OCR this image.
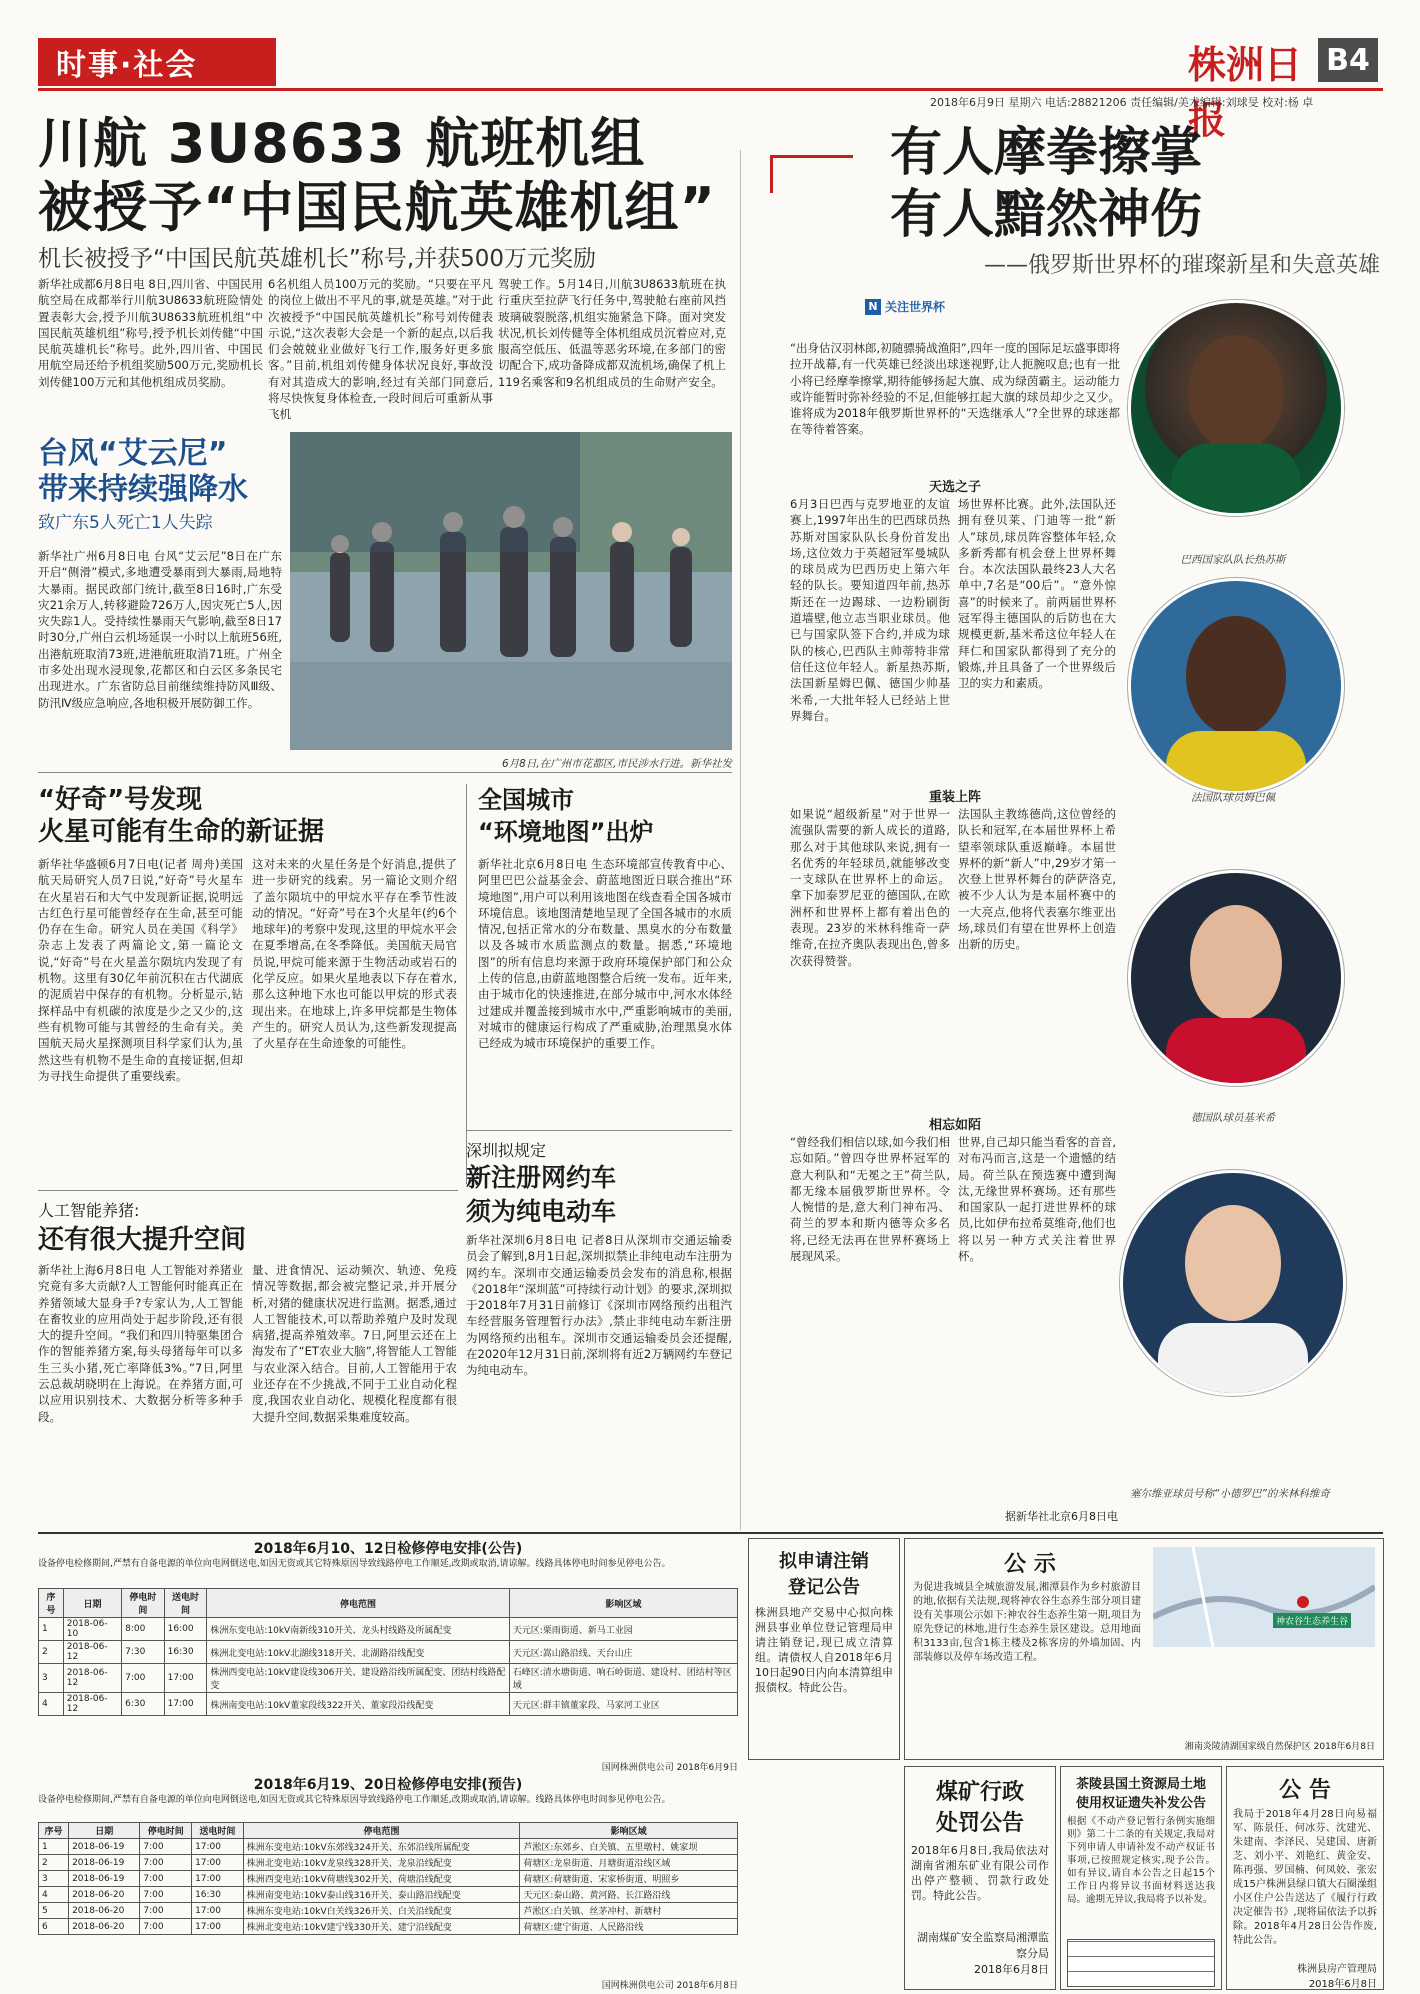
时事·社会	株洲日报
B4
2018年6月9日 星期六 电话:28821206 责任编辑/美术编辑:刘球旻 校对:杨 卓
川航 3U8633 航班机组
被授予“中国民航英雄机组”
机长被授予“中国民航英雄机长”称号,并获500万元奖励
新华社成都6月8日电 8日,四川省、中国民用航空局在成都举行川航3U8633航班险情处置表彰大会,授予川航3U8633航班机组“中国民航英雄机组”称号,授予机长刘传健“中国民航英雄机长”称号。此外,四川省、中国民用航空局还给予机组奖励500万元,奖励机长刘传健100万元和其他机组成员奖励。
6名机组人员100万元的奖励。“只要在平凡的岗位上做出不平凡的事,就是英雄。”对于此次被授予“中国民航英雄机长”称号刘传健表示说,“这次表彰大会是一个新的起点,以后我们会兢兢业业做好飞行工作,服务好更多旅客。”目前,机组刘传健身体状况良好,事故没有对其造成大的影响,经过有关部门同意后,将尽快恢复身体检查,一段时间后可重新从事飞机
驾驶工作。5月14日,川航3U8633航班在执行重庆至拉萨飞行任务中,驾驶舱右座前风挡玻璃破裂脱落,机组实施紧急下降。面对突发状况,机长刘传健等全体机组成员沉着应对,克服高空低压、低温等恶劣环境,在多部门的密切配合下,成功备降成都双流机场,确保了机上119名乘客和9名机组成员的生命财产安全。
台风“艾云尼”
带来持续强降水
致广东5人死亡1人失踪
新华社广州6月8日电 台风“艾云尼”8日在广东开启“侧滑”模式,多地遭受暴雨到大暴雨,局地特大暴雨。据民政部门统计,截至8日16时,广东受灾21余万人,转移避险726万人,因灾死亡5人,因灾失踪1人。受持续性暴雨天气影响,截至8日17时30分,广州白云机场延误一小时以上航班56班,出港航班取消73班,进港航班取消71班。广州全市多处出现水浸现象,花都区和白云区多条民宅出现进水。广东省防总目前继续维持防风Ⅲ级、防汛Ⅳ级应急响应,各地积极开展防御工作。
6月8日,在广州市花都区,市民涉水行进。新华社发
“好奇”号发现
火星可能有生命的新证据
新华社华盛顿6月7日电(记者 周舟)美国航天局研究人员7日说,“好奇”号火星车在火星岩石和大气中发现新证据,说明远古红色行星可能曾经存在生命,甚至可能仍存在生命。研究人员在美国《科学》杂志上发表了两篇论文,第一篇论文说,“好奇”号在火星盖尔陨坑内发现了有机物。这里有30亿年前沉积在古代湖底的泥质岩中保存的有机物。分析显示,钻探样品中有机碳的浓度是少之又少的,这些有机物可能与其曾经的生命有关。美国航天局火星探测项目科学家们认为,虽然这些有机物不是生命的直接证据,但却为寻找生命提供了重要线索。
这对未来的火星任务是个好消息,提供了进一步研究的线索。另一篇论文则介绍了盖尔陨坑中的甲烷水平存在季节性波动的情况。“好奇”号在3个火星年(约6个地球年)的考察中发现,这里的甲烷水平会在夏季增高,在冬季降低。美国航天局官员说,甲烷可能来源于生物活动或岩石的化学反应。如果火星地表以下存在着水,那么这种地下水也可能以甲烷的形式表现出来。在地球上,许多甲烷都是生物体产生的。研究人员认为,这些新发现提高了火星存在生命迹象的可能性。
全国城市
“环境地图”出炉
新华社北京6月8日电 生态环境部宣传教育中心、阿里巴巴公益基金会、蔚蓝地图近日联合推出“环境地图”,用户可以利用该地图在线查看全国各城市环境信息。该地图清楚地呈现了全国各城市的水质情况,包括正常水的分布数量、黑臭水的分布数量以及各城市水质监测点的数量。据悉,“环境地图”的所有信息均来源于政府环境保护部门和公众上传的信息,由蔚蓝地图整合后统一发布。近年来,由于城市化的快速推进,在部分城市中,河水水体经过建成并覆盖接到城市水中,严重影响城市的美丽,对城市的健康运行构成了严重威胁,治理黑臭水体已经成为城市环境保护的重要工作。
人工智能养猪:
还有很大提升空间
新华社上海6月8日电 人工智能对养猪业究竟有多大贡献?人工智能何时能真正在养猪领域大显身手?专家认为,人工智能在畜牧业的应用尚处于起步阶段,还有很大的提升空间。“我们和四川特驱集团合作的智能养猪方案,每头母猪每年可以多生三头小猪,死亡率降低3%。”7日,阿里云总裁胡晓明在上海说。在养猪方面,可以应用识别技术、大数据分析等多种手段。
量、进食情况、运动频次、轨迹、免疫情况等数据,都会被完整记录,并开展分析,对猪的健康状况进行监测。据悉,通过人工智能技术,可以帮助养殖户及时发现病猪,提高养殖效率。7日,阿里云还在上海发布了“ET农业大脑”,将智能人工智能与农业深入结合。目前,人工智能用于农业还存在不少挑战,不同于工业自动化程度,我国农业自动化、规模化程度都有很大提升空间,数据采集难度较高。
深圳拟规定
新注册网约车
须为纯电动车
新华社深圳6月8日电 记者8日从深圳市交通运输委员会了解到,8月1日起,深圳拟禁止非纯电动车注册为网约车。深圳市交通运输委员会发布的消息称,根据《2018年“深圳蓝”可持续行动计划》的要求,深圳拟于2018年7月31日前修订《深圳市网络预约出租汽车经营服务管理暂行办法》,禁止非纯电动车新注册为网络预约出租车。深圳市交通运输委员会还提醒,在2020年12月31日前,深圳将有近2万辆网约车登记为纯电动车。
有人摩拳擦掌
有人黯然神伤
——俄罗斯世界杯的璀璨新星和失意英雄
N 关注世界杯
“出身估汉羽林郎,初随骠骑战渔阳”,四年一度的国际足坛盛事即将拉开战幕,有一代英雄已经淡出球迷视野,让人扼腕叹息;也有一批小将已经摩拳擦掌,期待能够扬起大旗、成为绿茵霸主。运动能力或许能暂时弥补经验的不足,但能够扛起大旗的球员却少之又少。谁将成为2018年俄罗斯世界杯的“天选继承人”?全世界的球迷都在等待着答案。
天选之子
6月3日巴西与克罗地亚的友谊赛上,1997年出生的巴西球员热苏斯对国家队队长身份首发出场,这位效力于英超冠军曼城队的球员成为巴西历史上第六年轻的队长。要知道四年前,热苏斯还在一边踢球、一边粉刷街道墙壁,他立志当职业球员。他已与国家队签下合约,并成为球队的核心,巴西队主帅蒂特非常信任这位年轻人。新星热苏斯,法国新星姆巴佩、德国少帅基米希,一大批年轻人已经站上世界舞台。
场世界杯比赛。此外,法国队还拥有登贝莱、门迪等一批“新人”球员,球员阵容整体年轻,众多新秀都有机会登上世界杯舞台。本次法国队最终23人大名单中,7名是“00后”。“意外惊喜”的时候来了。前两届世界杯冠军得主德国队的后防也在大规模更新,基米希这位年轻人在拜仁和国家队都得到了充分的锻炼,并且具备了一个世界级后卫的实力和素质。
重装上阵
如果说“超级新星”对于世界一流强队需要的新人成长的道路,那么对于其他球队来说,拥有一名优秀的年轻球员,就能够改变一支球队在世界杯上的命运。拿下加泰罗尼亚的德国队,在欧洲杯和世界杯上都有着出色的表现。23岁的米林科维奇一萨维奇,在拉齐奥队表现出色,曾多次获得赞誉。
法国队主教练德尚,这位曾经的队长和冠军,在本届世界杯上希望率领球队重返巅峰。本届世界杯的新“新人”中,29岁才第一次登上世界杯舞台的萨萨洛克,被不少人认为是本届杯赛中的一大亮点,他将代表塞尔维亚出场,球员们有望在世界杯上创造出新的历史。
相忘如陌
“曾经我们相信以球,如今我们相忘如陌。”曾四夺世界杯冠军的意大利队和“无冕之王”荷兰队,都无缘本届俄罗斯世界杯。令人惋惜的是,意大利门神布冯、荷兰的罗本和斯内德等众多名将,已经无法再在世界杯赛场上展现风采。
世界,自己却只能当看客的音音,对布冯而言,这是一个遗憾的结局。荷兰队在预选赛中遭到淘汰,无缘世界杯赛场。还有那些和国家队一起打进世界杯的球员,比如伊布拉希莫维奇,他们也将以另一种方式关注着世界杯。
据新华社北京6月8日电
巴西国家队队长热苏斯
法国队球员姆巴佩
德国队球员基米希
塞尔维亚球员号称“小德罗巴”的米林科维奇
2018年6月10、12日检修停电安排(公告)
设备停电检修期间,严禁有自备电源的单位向电网倒送电,如因无资或其它特殊原因导致线路停电工作顺延,改期或取消,请谅解。线路具体停电时间参见停电公告。
序号	日期	停电时间	送电时间	停电范围	影响区域
1	2018-06-10	8:00	16:00	株洲东变电站:10kV南新线310开关、龙头村线路及所属配变	天元区:栗雨街道、新马工业园
2	2018-06-12	7:30	16:30	株洲北变电站:10kV北湖线318开关、北湖路沿线配变	天元区:嵩山路沿线、天台山庄
3	2018-06-12	7:00	17:00	株洲西变电站:10kV建设线306开关、建设路沿线所属配变、团结村线路配变	石峰区:清水塘街道、响石岭街道、建设村、团结村等区域
4	2018-06-12	6:30	17:00	株洲南变电站:10kV董家段线322开关、董家段沿线配变	天元区:群丰镇董家段、马家河工业区
国网株洲供电公司 2018年6月9日
2018年6月19、20日检修停电安排(预告)
设备停电检修期间,严禁有自备电源的单位向电网倒送电,如因无资或其它特殊原因导致线路停电工作顺延,改期或取消,请谅解。线路具体停电时间参见停电公告。
序号	日期	停电时间	送电时间	停电范围	影响区域
1	2018-06-19	7:00	17:00	株洲东变电站:10kV东郊线324开关、东郊沿线所属配变	芦淞区:东郊乡、白关镇、五里墩村、姚家坝
2	2018-06-19	7:00	17:00	株洲北变电站:10kV龙泉线328开关、龙泉沿线配变	荷塘区:龙泉街道、月塘街道沿线区域
3	2018-06-19	7:00	17:00	株洲西变电站:10kV荷塘线302开关、荷塘沿线配变	荷塘区:荷塘街道、宋家桥街道、明照乡
4	2018-06-20	7:00	16:30	株洲南变电站:10kV泰山线316开关、泰山路沿线配变	天元区:泰山路、黄河路、长江路沿线
5	2018-06-20	7:00	17:00	株洲东变电站:10kV白关线326开关、白关沿线配变	芦淞区:白关镇、丝茅冲村、新塘村
6	2018-06-20	7:00	17:00	株洲北变电站:10kV建宁线330开关、建宁沿线配变	荷塘区:建宁街道、人民路沿线
国网株洲供电公司 2018年6月8日
拟申请注销
登记公告
株洲县地产交易中心拟向株洲县事业单位登记管理局申请注销登记,现已成立清算组。请债权人自2018年6月10日起90日内向本清算组申报债权。特此公告。
公 示
为促进我城县全城旅游发展,湘潭县作为乡村旅游目的地,依据有关法规,现将神农谷生态养生部分项目建设有关事项公示如下:神农谷生态养生第一期,项目为原先登记的林地,进行生态养生景区建设。总用地面积3133亩,包含1栋主楼及2栋客房的外墙加固、内部装修以及停车场改造工程。
神农谷生态养生谷
湘南炎陵清湖国家级自然保护区 2018年6月8日
煤矿行政
处罚公告
2018年6月8日,我局依法对湖南省湘东矿业有限公司作出停产整顿、罚款行政处罚。特此公告。
湖南煤矿安全监察局湘潭监察分局
2018年6月8日
茶陵县国土资源局土地
使用权证遗失补发公告
根据《不动产登记暂行条例实施细则》第二十二条的有关规定,我局对下列申请人申请补发不动产权证书事项,已按照规定核实,现予公告。如有异议,请自本公告之日起15个工作日内将异议书面材料送达我局。逾期无异议,我局将予以补发。
公 告
我局于2018年4月28日向易福军、陈景任、何冰芬、沈建光、朱建南、李泽民、吴建国、唐新芝、刘小平、刘艳红、黄金安、陈再强、罗国楠、何凤姣、张宏成15户株洲县绿口镇大石圈澡组小区住户公告送达了《履行行政决定催告书》,现将届依法予以拆除。2018年4月28日公告作废,特此公告。
株洲县房产管理局
2018年6月8日
